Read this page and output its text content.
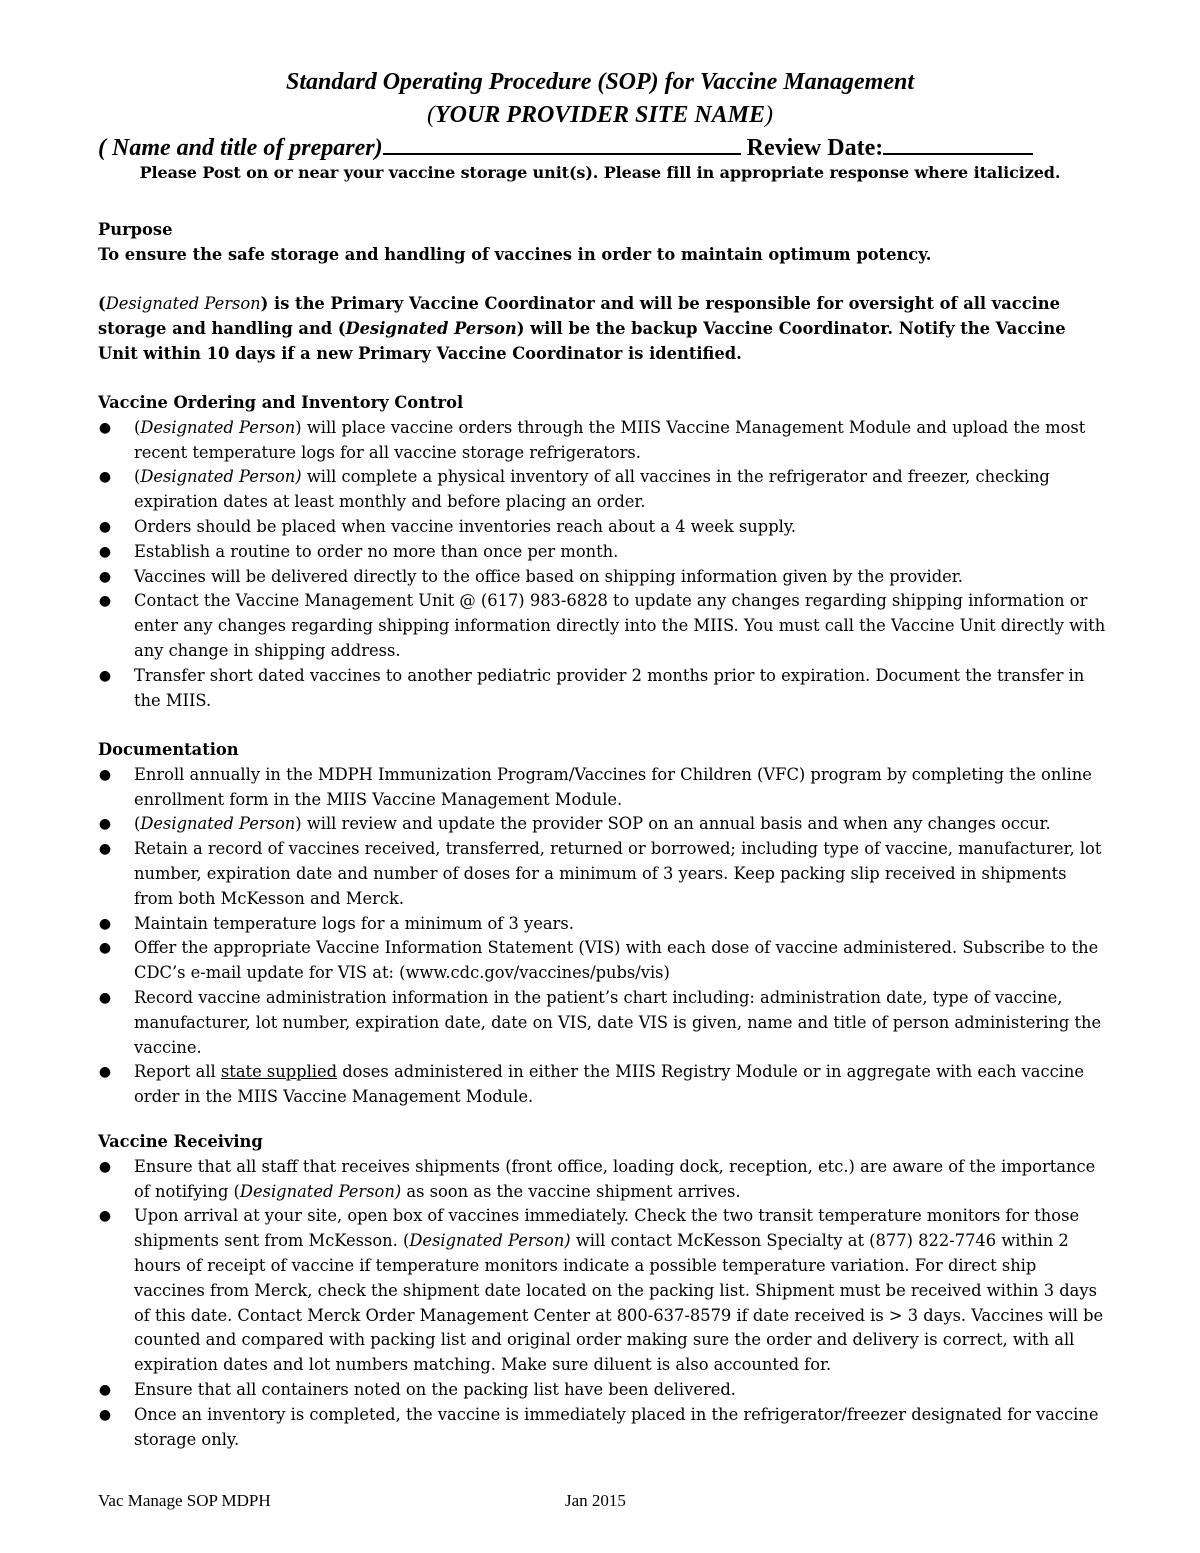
Standard Operating Procedure (SOP) for Vaccine Management
(YOUR PROVIDER SITE NAME)
( Name and title of preparer)	Review Date:
Please Post on or near your vaccine storage unit(s). Please fill in appropriate response where italicized.
Purpose
To ensure the safe storage and handling of vaccines in order to maintain optimum potency.
(Designated Person) is the Primary Vaccine Coordinator and will be responsible for oversight of all vaccine storage and handling and (Designated Person) will be the backup Vaccine Coordinator. Notify the Vaccine Unit within 10 days if a new Primary Vaccine Coordinator is identified.
Vaccine Ordering and Inventory Control
● (Designated Person) will place vaccine orders through the MIIS Vaccine Management Module and upload the most recent temperature logs for all vaccine storage refrigerators.
● (Designated Person) will complete a physical inventory of all vaccines in the refrigerator and freezer, checking expiration dates at least monthly and before placing an order.
● Orders should be placed when vaccine inventories reach about a 4 week supply.
● Establish a routine to order no more than once per month.
● Vaccines will be delivered directly to the office based on shipping information given by the provider.
● Contact the Vaccine Management Unit @ (617) 983-6828 to update any changes regarding shipping information or enter any changes regarding shipping information directly into the MIIS. You must call the Vaccine Unit directly with any change in shipping address.
● Transfer short dated vaccines to another pediatric provider 2 months prior to expiration. Document the transfer in the MIIS.
Documentation
● Enroll annually in the MDPH Immunization Program/Vaccines for Children (VFC) program by completing the online enrollment form in the MIIS Vaccine Management Module.
● (Designated Person) will review and update the provider SOP on an annual basis and when any changes occur.
● Retain a record of vaccines received, transferred, returned or borrowed; including type of vaccine, manufacturer, lot number, expiration date and number of doses for a minimum of 3 years. Keep packing slip received in shipments from both McKesson and Merck.
● Maintain temperature logs for a minimum of 3 years.
● Offer the appropriate Vaccine Information Statement (VIS) with each dose of vaccine administered. Subscribe to the CDC’s e-mail update for VIS at: (www.cdc.gov/vaccines/pubs/vis)
● Record vaccine administration information in the patient’s chart including: administration date, type of vaccine, manufacturer, lot number, expiration date, date on VIS, date VIS is given, name and title of person administering the vaccine.
● Report all state supplied doses administered in either the MIIS Registry Module or in aggregate with each vaccine order in the MIIS Vaccine Management Module.
Vaccine Receiving
● Ensure that all staff that receives shipments (front office, loading dock, reception, etc.) are aware of the importance of notifying (Designated Person) as soon as the vaccine shipment arrives.
● Upon arrival at your site, open box of vaccines immediately. Check the two transit temperature monitors for those shipments sent from McKesson. (Designated Person) will contact McKesson Specialty at (877) 822-7746 within 2 hours of receipt of vaccine if temperature monitors indicate a possible temperature variation. For direct ship vaccines from Merck, check the shipment date located on the packing list. Shipment must be received within 3 days of this date. Contact Merck Order Management Center at 800-637-8579 if date received is > 3 days. Vaccines will be counted and compared with packing list and original order making sure the order and delivery is correct, with all expiration dates and lot numbers matching. Make sure diluent is also accounted for.
● Ensure that all containers noted on the packing list have been delivered.
● Once an inventory is completed, the vaccine is immediately placed in the refrigerator/freezer designated for vaccine storage only.
Vac Manage SOP MDPH	Jan 2015
